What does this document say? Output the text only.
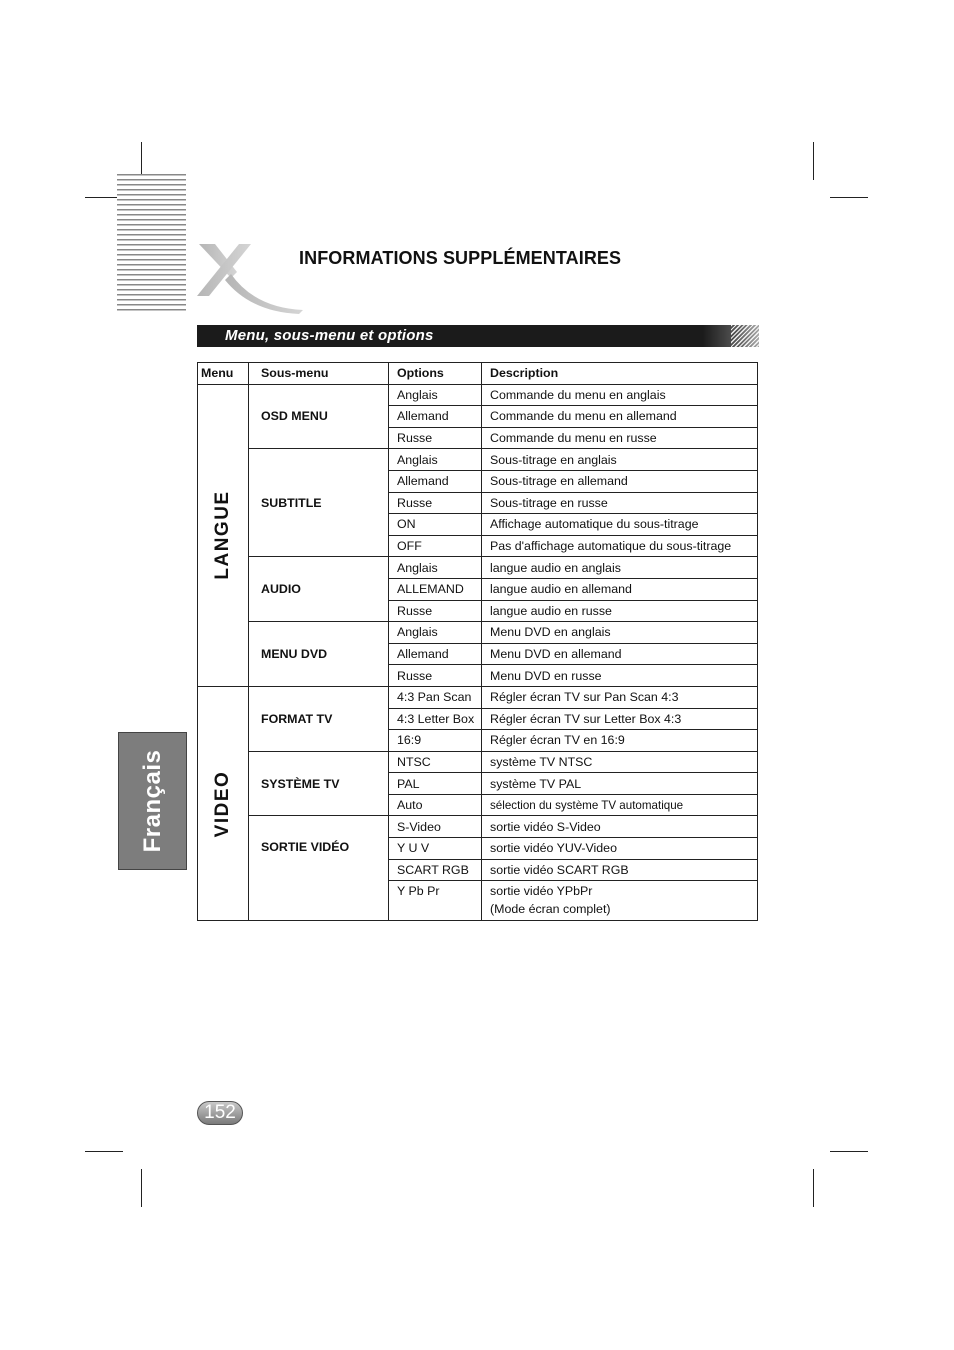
INFORMATIONS SUPPLÉMENTAIRES
Menu, sous-menu et options
Français
Menu	Sous-menu	Options	Description

LANGUE	OSD MENU	Anglais	Commande du menu en anglais
		Allemand	Commande du menu en allemand
		Russe	Commande du menu en russe
	SUBTITLE	Anglais	Sous-titrage en anglais
		Allemand	Sous-titrage en allemand
		Russe	Sous-titrage en russe
		ON	Affichage automatique du sous-titrage
		OFF	Pas d'affichage automatique du sous-titrage
	AUDIO	Anglais	langue audio en anglais
		ALLEMAND	langue audio en allemand
		Russe	langue audio en russe
	MENU DVD	Anglais	Menu DVD en anglais
		Allemand	Menu DVD en allemand
		Russe	Menu DVD en russe

VIDEO	FORMAT TV	4:3 Pan Scan	Régler écran TV sur Pan Scan 4:3
		4:3 Letter Box	Régler écran TV sur Letter Box 4:3
		16:9	Régler écran TV en 16:9
	SYSTÈME TV	NTSC	système TV NTSC
		PAL	système TV PAL
		Auto	sélection du système TV automatique
	SORTIE VIDÉO	S-Video	sortie vidéo S-Video
		Y U V	sortie vidéo YUV-Video
		SCART RGB	sortie vidéo SCART RGB
		Y Pb Pr	sortie vidéo YPbPr
(Mode écran complet)
152
